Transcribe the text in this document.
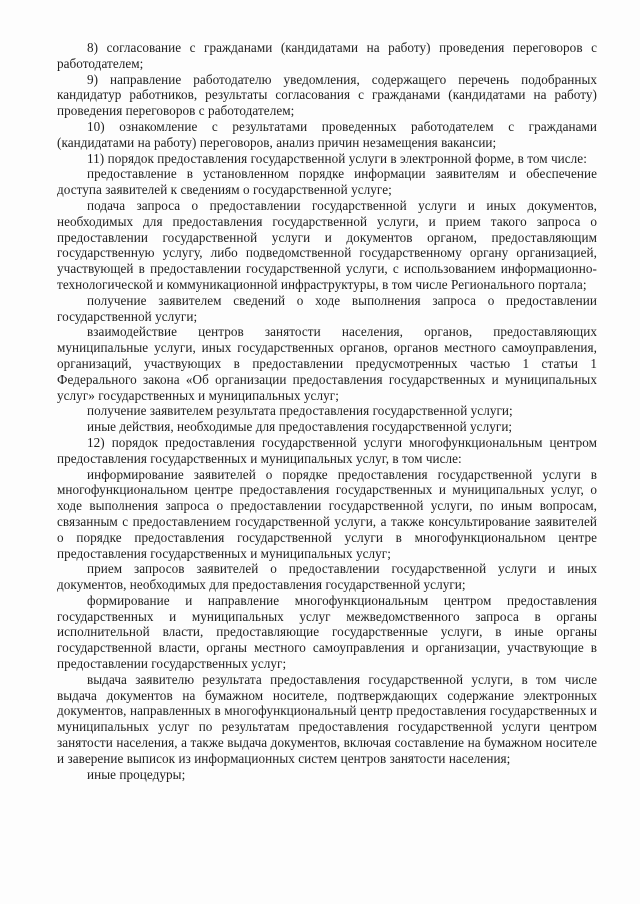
8) согласование с гражданами (кандидатами на работу) проведения переговоров с работодателем;

9) направление работодателю уведомления, содержащего перечень подобранных кандидатур работников, результаты согласования с гражданами (кандидатами на работу) проведения переговоров с работодателем;

10) ознакомление с результатами проведенных работодателем с гражданами (кандидатами на работу) переговоров, анализ причин незамещения вакансии;

11) порядок предоставления государственной услуги в электронной форме, в том числе:

предоставление в установленном порядке информации заявителям и обеспечение доступа заявителей к сведениям о государственной услуге;

подача запроса о предоставлении государственной услуги и иных документов, необходимых для предоставления государственной услуги, и прием такого запроса о предоставлении государственной услуги и документов органом, предоставляющим государственную услугу, либо подведомственной государственному органу организацией, участвующей в предоставлении государственной услуги, с использованием информационно-технологической и коммуникационной инфраструктуры, в том числе Регионального портала;

получение заявителем сведений о ходе выполнения запроса о предоставлении государственной услуги;

взаимодействие центров занятости населения, органов, предоставляющих муниципальные услуги, иных государственных органов, органов местного самоуправления, организаций, участвующих в предоставлении предусмотренных частью 1 статьи 1 Федерального закона «Об организации предоставления государственных и муниципальных услуг» государственных и муниципальных услуг;

получение заявителем результата предоставления государственной услуги;

иные действия, необходимые для предоставления государственной услуги;

12) порядок предоставления государственной услуги многофункциональным центром предоставления государственных и муниципальных услуг, в том числе:

информирование заявителей о порядке предоставления государственной услуги в многофункциональном центре предоставления государственных и муниципальных услуг, о ходе выполнения запроса о предоставлении государственной услуги, по иным вопросам, связанным с предоставлением государственной услуги, а также консультирование заявителей о порядке предоставления государственной услуги в многофункциональном центре предоставления государственных и муниципальных услуг;

прием запросов заявителей о предоставлении государственной услуги и иных документов, необходимых для предоставления государственной услуги;

формирование и направление многофункциональным центром предоставления государственных и муниципальных услуг межведомственного запроса в органы исполнительной власти, предоставляющие государственные услуги, в иные органы государственной власти, органы местного самоуправления и организации, участвующие в предоставлении государственных услуг;

выдача заявителю результата предоставления государственной услуги, в том числе выдача документов на бумажном носителе, подтверждающих содержание электронных документов, направленных в многофункциональный центр предоставления государственных и муниципальных услуг по результатам предоставления государственной услуги центром занятости населения, а также выдача документов, включая составление на бумажном носителе и заверение выписок из информационных систем центров занятости населения;

иные процедуры;
